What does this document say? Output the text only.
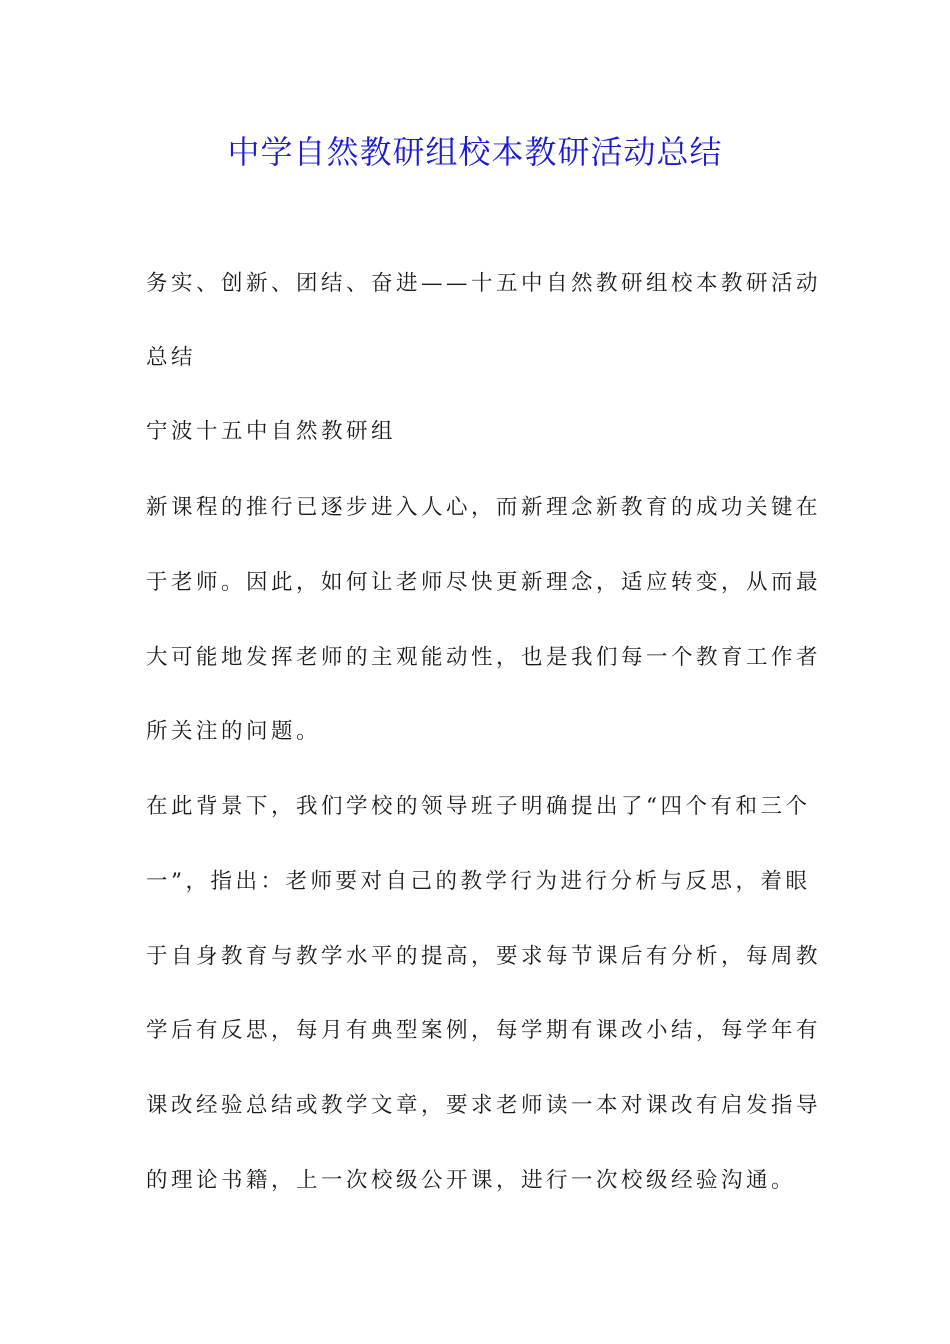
中学自然教研组校本教研活动总结
务实、创新、团结、奋进——十五中自然教研组校本教研活动
总结
宁波十五中自然教研组
新课程的推行已逐步进入人心，而新理念新教育的成功关键在
于老师。因此，如何让老师尽快更新理念，适应转变，从而最
大可能地发挥老师的主观能动性，也是我们每一个教育工作者
所关注的问题。
在此背景下，我们学校的领导班子明确提出了“四个有和三个
一”，指出：老师要对自己的教学行为进行分析与反思，着眼
于自身教育与教学水平的提高，要求每节课后有分析，每周教
学后有反思，每月有典型案例，每学期有课改小结，每学年有
课改经验总结或教学文章，要求老师读一本对课改有启发指导
的理论书籍，上一次校级公开课，进行一次校级经验沟通。
